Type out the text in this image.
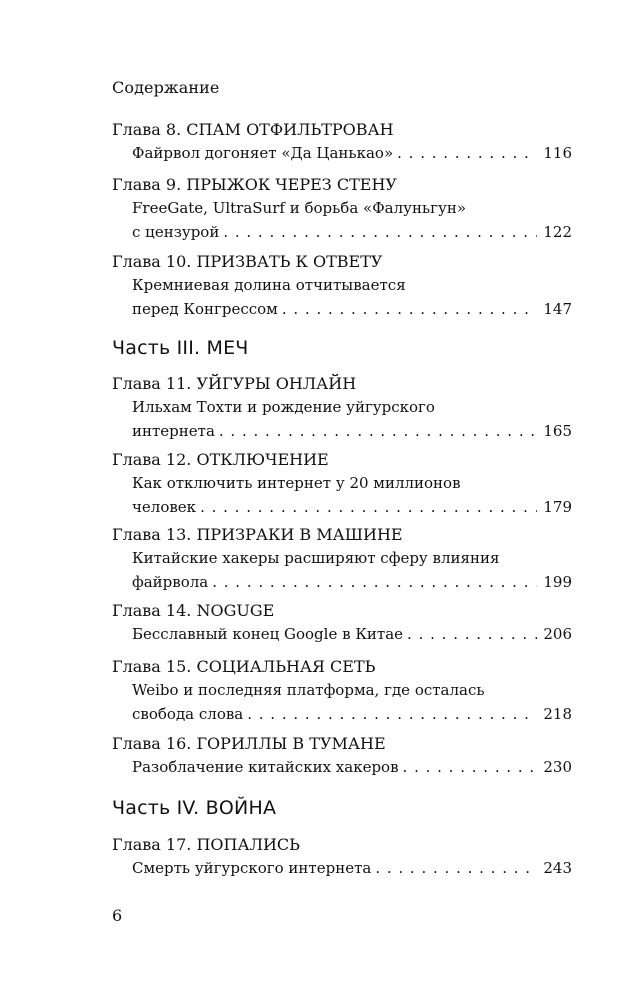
Содержание
Глава 8. СПАМ ОТФИЛЬТРОВАН
Файрвол догоняет «Да Цанькао» . . .	116
Глава 9. ПРЫЖОК ЧЕРЕЗ СТЕНУ
FreeGate, UltraSurf и борьба «Фалуньгун»
с цензурой . . .	122
Глава 10. ПРИЗВАТЬ К ОТВЕТУ
Кремниевая долина отчитывается
перед Конгрессом . . .	147
Часть III. МЕЧ
Глава 11. УЙГУРЫ ОНЛАЙН
Ильхам Тохти и рождение уйгурского
интернета . . .	165
Глава 12. ОТКЛЮЧЕНИЕ
Как отключить интернет у 20 миллионов
человек . . .	179
Глава 13. ПРИЗРАКИ В МАШИНЕ
Китайские хакеры расширяют сферу влияния
файрвола . . .	199
Глава 14. NOGUGE
Бесславный конец Google в Китае . . .	206
Глава 15. СОЦИАЛЬНАЯ СЕТЬ
Weibo и последняя платформа, где осталась
свобода слова . . .	218
Глава 16. ГОРИЛЛЫ В ТУМАНЕ
Разоблачение китайских хакеров . . .	230
Часть IV. ВОЙНА
Глава 17. ПОПАЛИСЬ
Смерть уйгурского интернета . . .	243
6
